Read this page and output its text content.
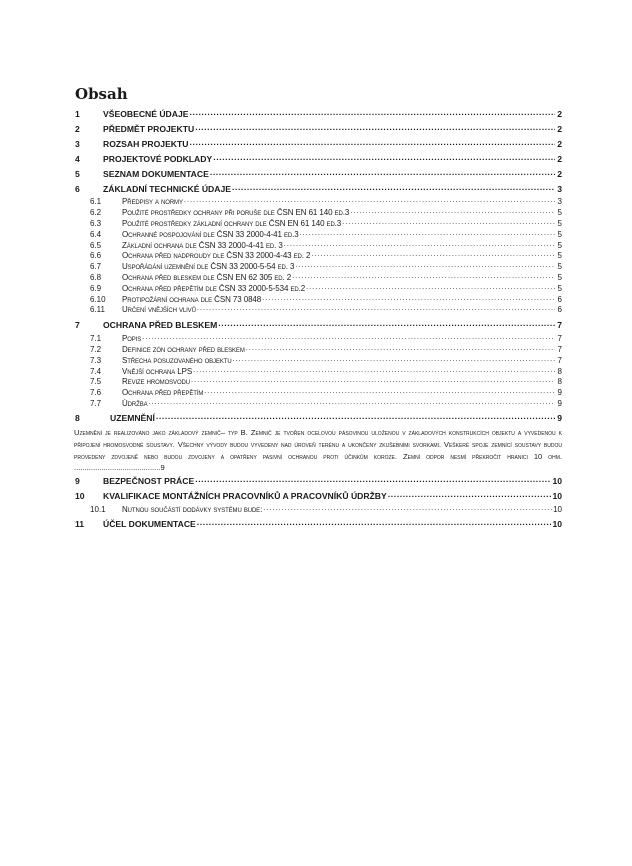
Obsah
1	VŠEOBECNÉ ÚDAJE .....	2
2	PŘEDMĚT PROJEKTU .....	2
3	ROZSAH PROJEKTU .....	2
4	PROJEKTOVÉ PODKLADY .....	2
5	SEZNAM DOKUMENTACE .....	2
6	ZÁKLADNÍ TECHNICKÉ ÚDAJE .....	3
6.1	Předpisy a normy .....	3
6.2	Použité prostředky ochrany při poruše dle ČSN EN 61 140 ed.3 .....	5
6.3	Použité prostředky základní ochrany dle ČSN EN 61 140 ed.3 .....	5
6.4	Ochranné pospojování dle ČSN 33 2000-4-41 ed.3 .....	5
6.5	Základní ochrana dle ČSN 33 2000-4-41 ed. 3 .....	5
6.6	Ochrana před nadproudy dle ČSN 33 2000-4-43 ed. 2 .....	5
6.7	Uspořádání uzemnění dle ČSN 33 2000-5-54 ed. 3 .....	5
6.8	Ochrana před bleskem dle ČSN EN 62 305 ed. 2 .....	5
6.9	Ochrana před přepětím dle ČSN 33 2000-5-534 ed.2 .....	5
6.10	Protipožární ochrana dle ČSN 73 0848 .....	6
6.11	Určení vnějších vlivů .....	6
7	OCHRANA PŘED BLESKEM .....	7
7.1	Popis .....	7
7.2	Definice zón ochrany před bleskem .....	7
7.3	Střecha posuzovaného objektu .....	7
7.4	Vnější ochrana LPS .....	8
7.5	Revize hromosvodu .....	8
7.6	Ochrana před přepětím .....	9
7.7	Údržba .....	9
8	UZEMNĚNÍ .....	9
Uzemnění je realizováno jako základový zemnič– typ B. Zemnič je tvořen ocelovou pásovinou uloženou v základových konstrukcích objektu a vyvedenou k připojení hromosvodné soustavy. Všechny vývody budou vyvedeny nad úroveň terénu a ukončeny zkušebními svorkami. Veškeré spoje zemnící soustavy budou provedeny zdvojeně nebo budou zdvojeny a opatřeny pasivní ochranou proti účinkům koroze. Zemní odpor nesmí překročit hranici 10 ohm. .........................................9
9	BEZPEČNOST PRÁCE .....	10
10	KVALIFIKACE MONTÁŽNÍCH PRACOVNÍKŮ A PRACOVNÍKŮ ÚDRŽBY .....	10
10.1	Nutnou součástí dodávky systému bude: .....	10
11	ÚČEL DOKUMENTACE .....	10
